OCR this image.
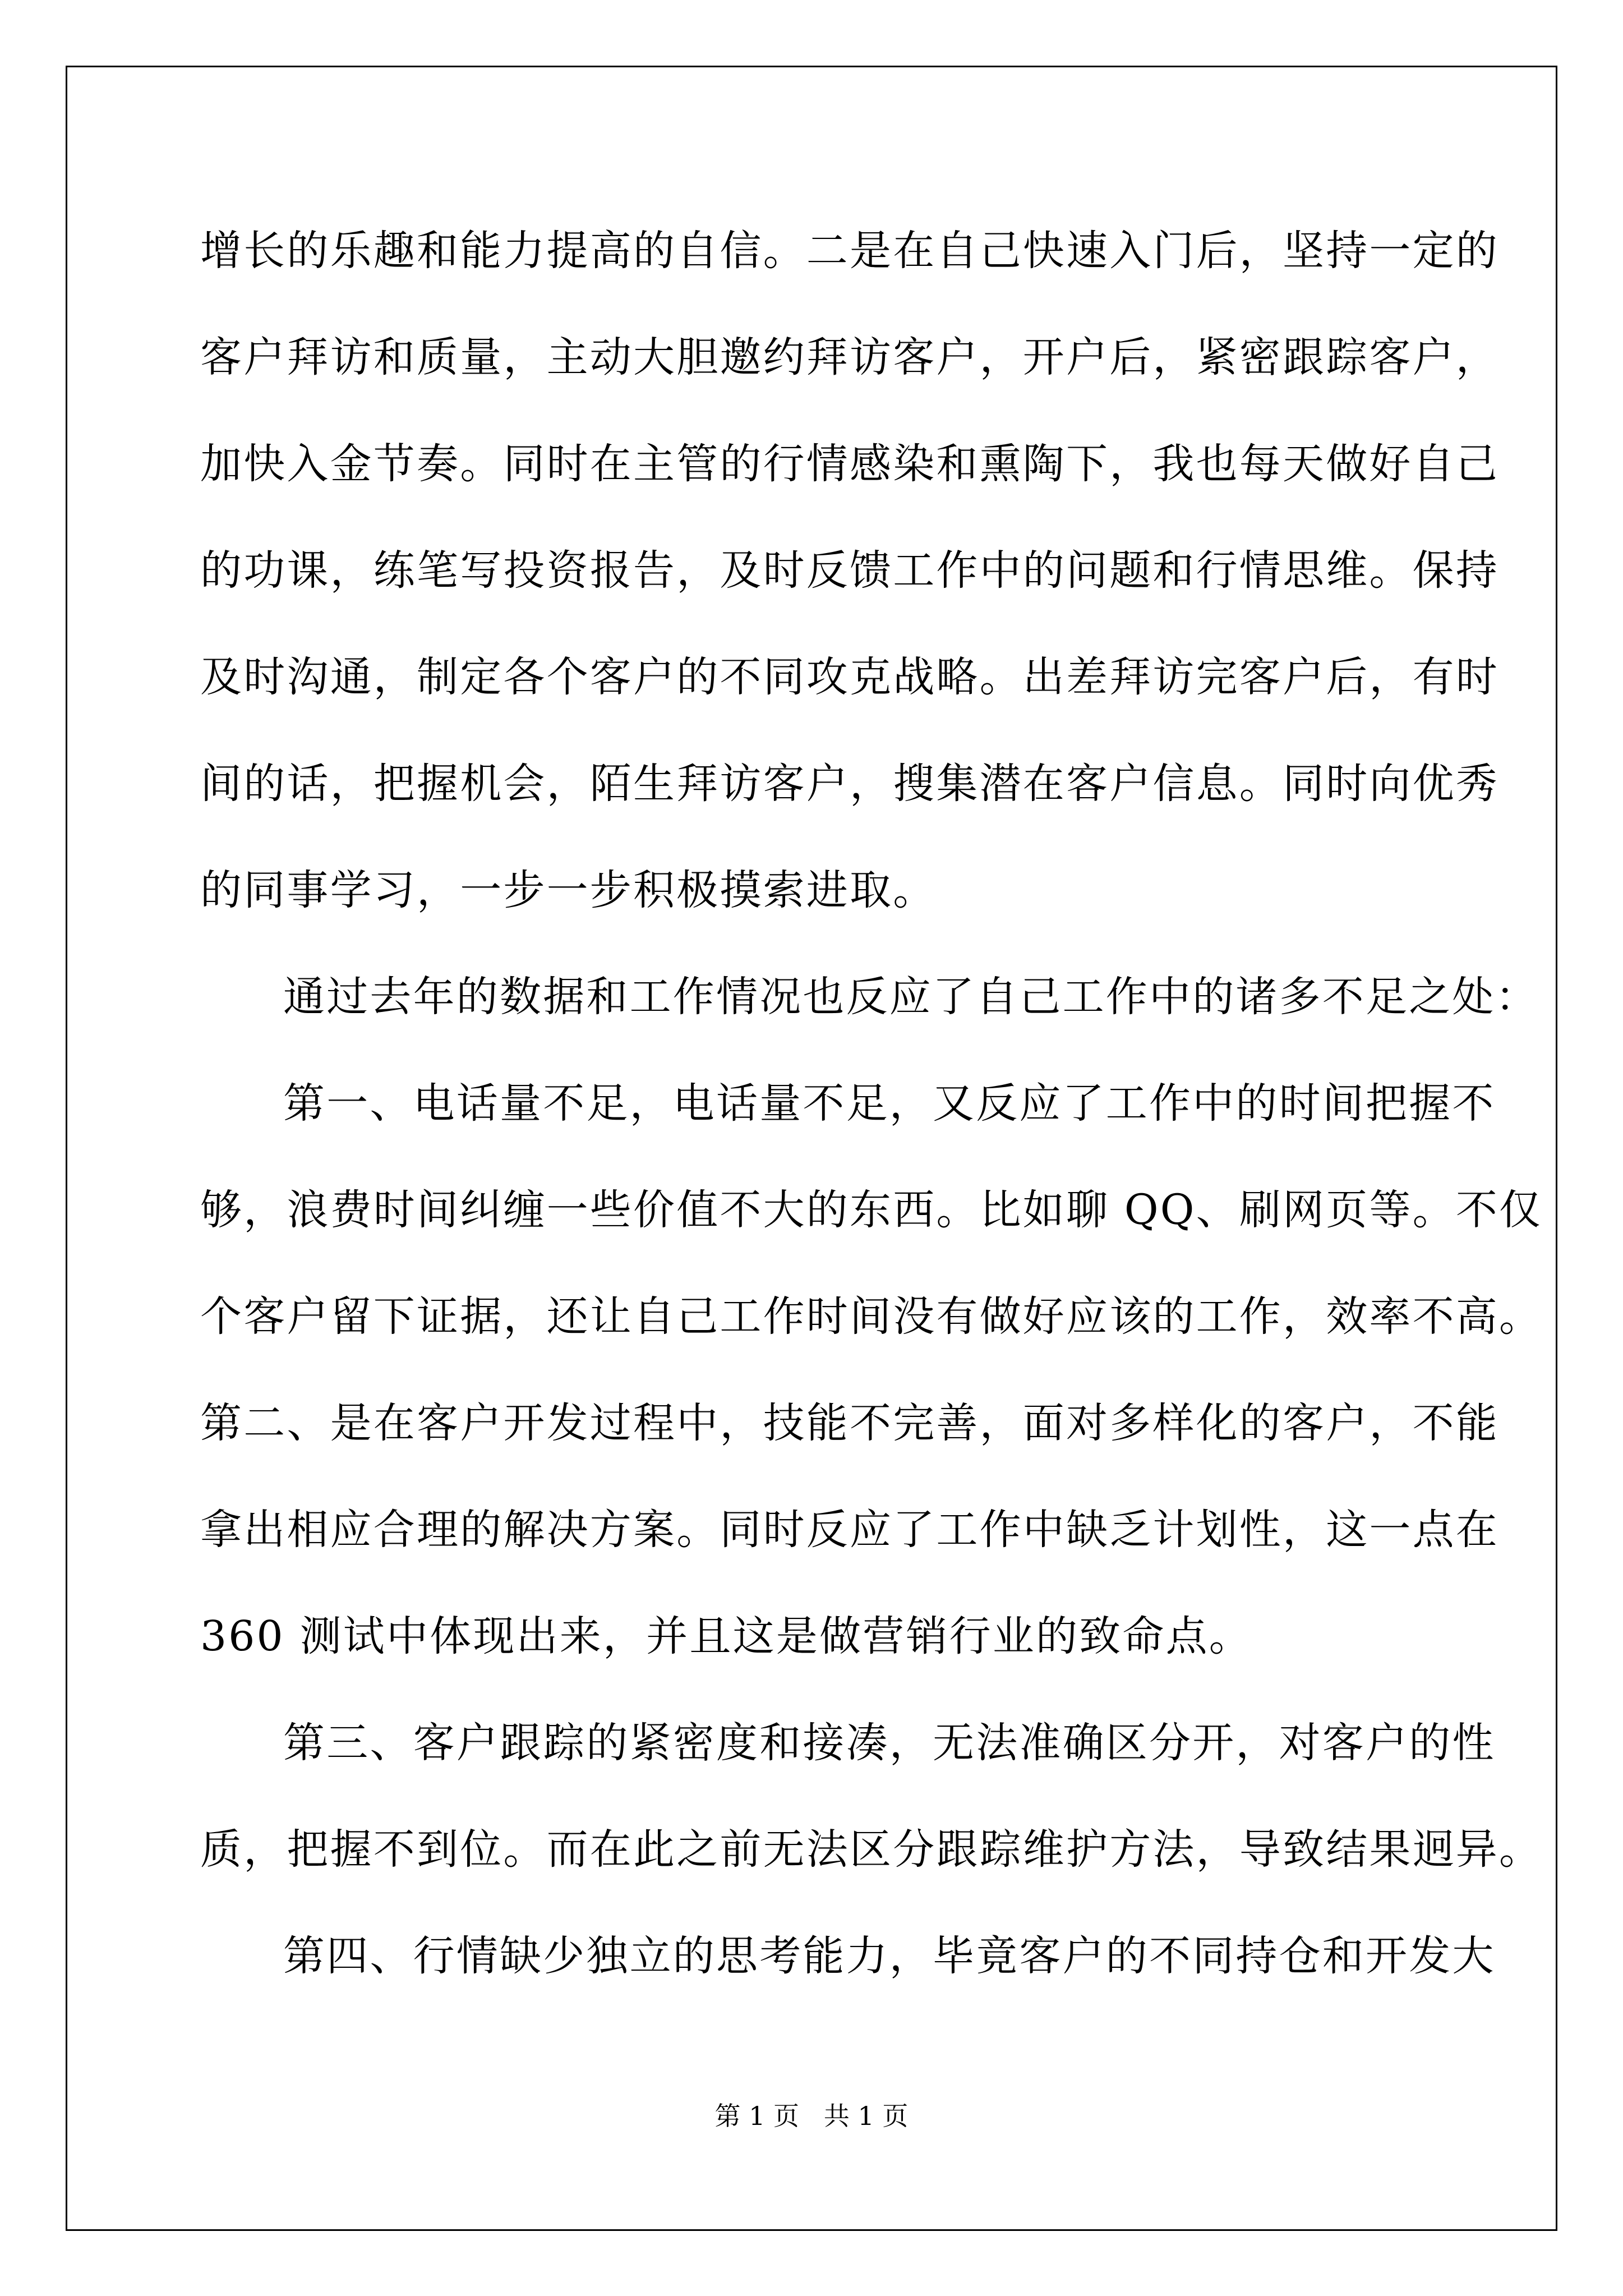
增长的乐趣和能力提高的自信。二是在自己快速入门后，坚持一定的
客户拜访和质量，主动大胆邀约拜访客户，开户后，紧密跟踪客户，
加快入金节奏。同时在主管的行情感染和熏陶下，我也每天做好自己
的功课，练笔写投资报告，及时反馈工作中的问题和行情思维。保持
及时沟通，制定各个客户的不同攻克战略。出差拜访完客户后，有时
间的话，把握机会，陌生拜访客户，搜集潜在客户信息。同时向优秀
的同事学习，一步一步积极摸索进取。
通过去年的数据和工作情况也反应了自己工作中的诸多不足之处：
第一、电话量不足，电话量不足，又反应了工作中的时间把握不
够，浪费时间纠缠一些价值不大的东西。比如聊 QQ、刷网页等。不仅
个客户留下证据，还让自己工作时间没有做好应该的工作，效率不高。
第二、是在客户开发过程中，技能不完善，面对多样化的客户，不能
拿出相应合理的解决方案。同时反应了工作中缺乏计划性，这一点在
360 测试中体现出来，并且这是做营销行业的致命点。
第三、客户跟踪的紧密度和接凑，无法准确区分开，对客户的性
质，把握不到位。而在此之前无法区分跟踪维护方法，导致结果迥异。
第四、行情缺少独立的思考能力，毕竟客户的不同持仓和开发大
第 1 页   共 1 页
